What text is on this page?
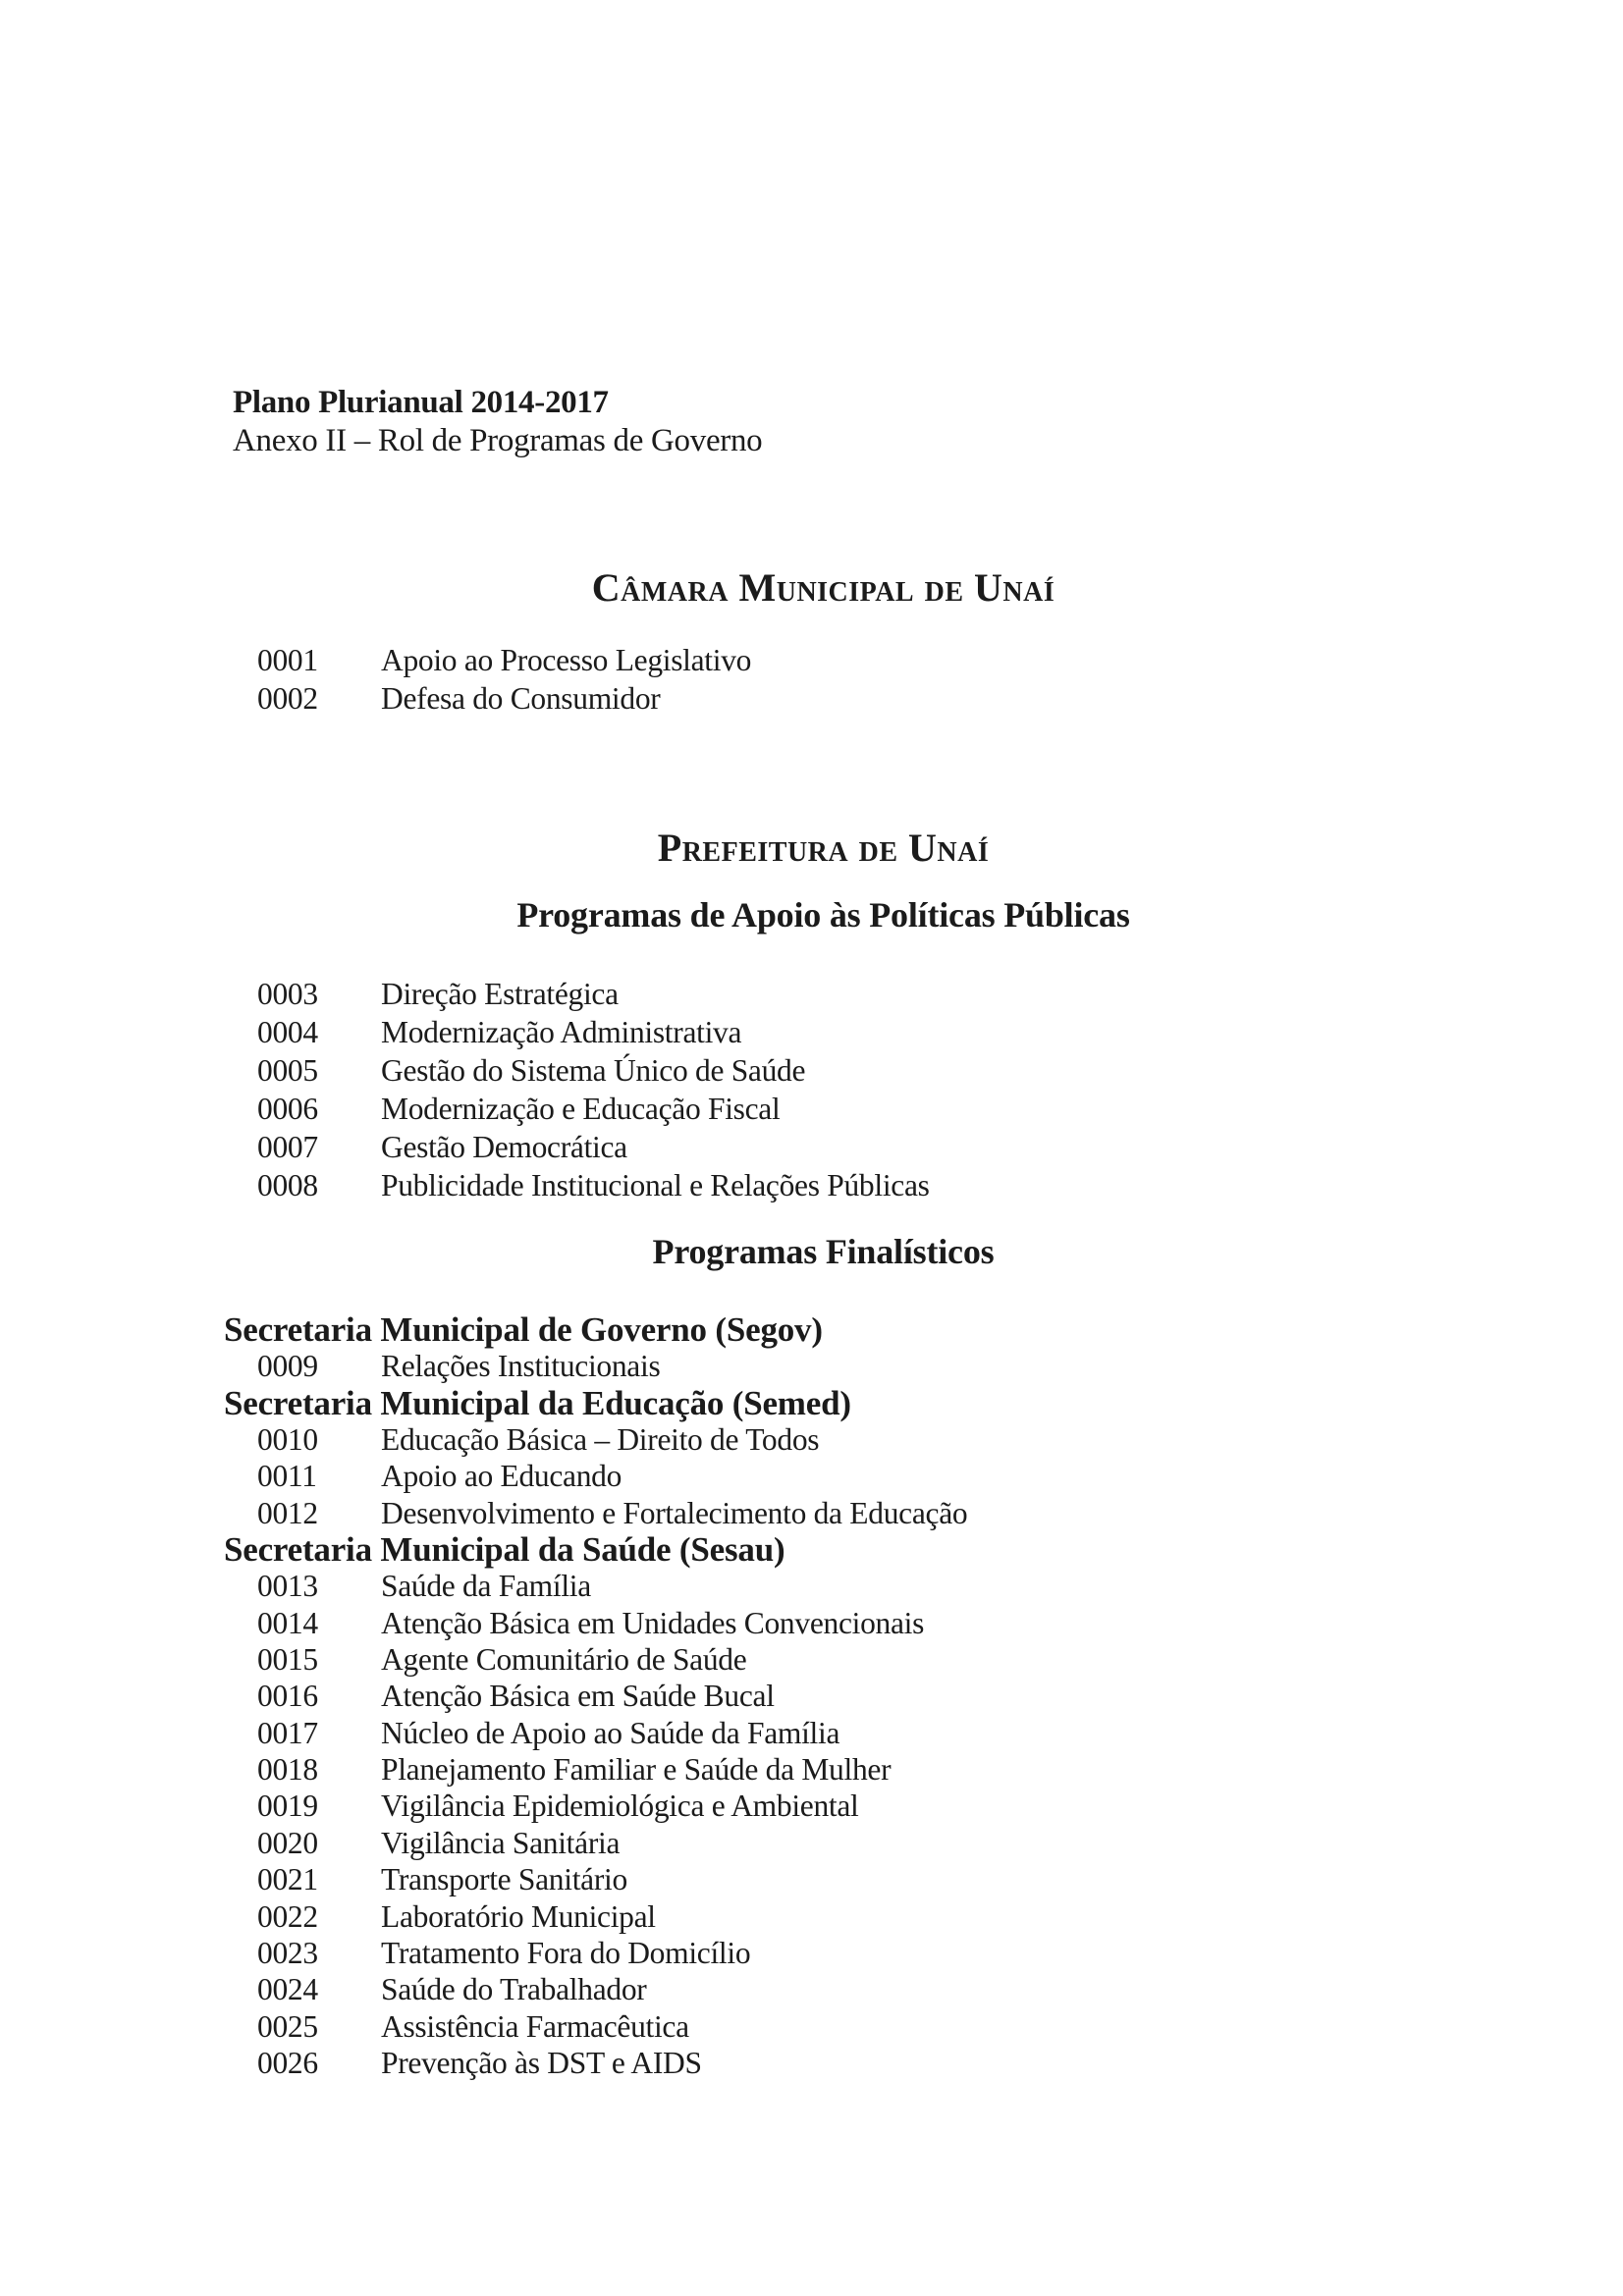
Plano Plurianual 2014-2017
Anexo II – Rol de Programas de Governo
Câmara Municipal de Unaí
0001 Apoio ao Processo Legislativo
0002 Defesa do Consumidor
Prefeitura de Unaí
Programas de Apoio às Políticas Públicas
0003 Direção Estratégica
0004 Modernização Administrativa
0005 Gestão do Sistema Único de Saúde
0006 Modernização e Educação Fiscal
0007 Gestão Democrática
0008 Publicidade Institucional e Relações Públicas
Programas Finalísticos
Secretaria Municipal de Governo (Segov)
0009 Relações Institucionais
Secretaria Municipal da Educação (Semed)
0010 Educação Básica – Direito de Todos
0011 Apoio ao Educando
0012 Desenvolvimento e Fortalecimento da Educação
Secretaria Municipal da Saúde (Sesau)
0013 Saúde da Família
0014 Atenção Básica em Unidades Convencionais
0015 Agente Comunitário de Saúde
0016 Atenção Básica em Saúde Bucal
0017 Núcleo de Apoio ao Saúde da Família
0018 Planejamento Familiar e Saúde da Mulher
0019 Vigilância Epidemiológica e Ambiental
0020 Vigilância Sanitária
0021 Transporte Sanitário
0022 Laboratório Municipal
0023 Tratamento Fora do Domicílio
0024 Saúde do Trabalhador
0025 Assistência Farmacêutica
0026 Prevenção às DST e AIDS
